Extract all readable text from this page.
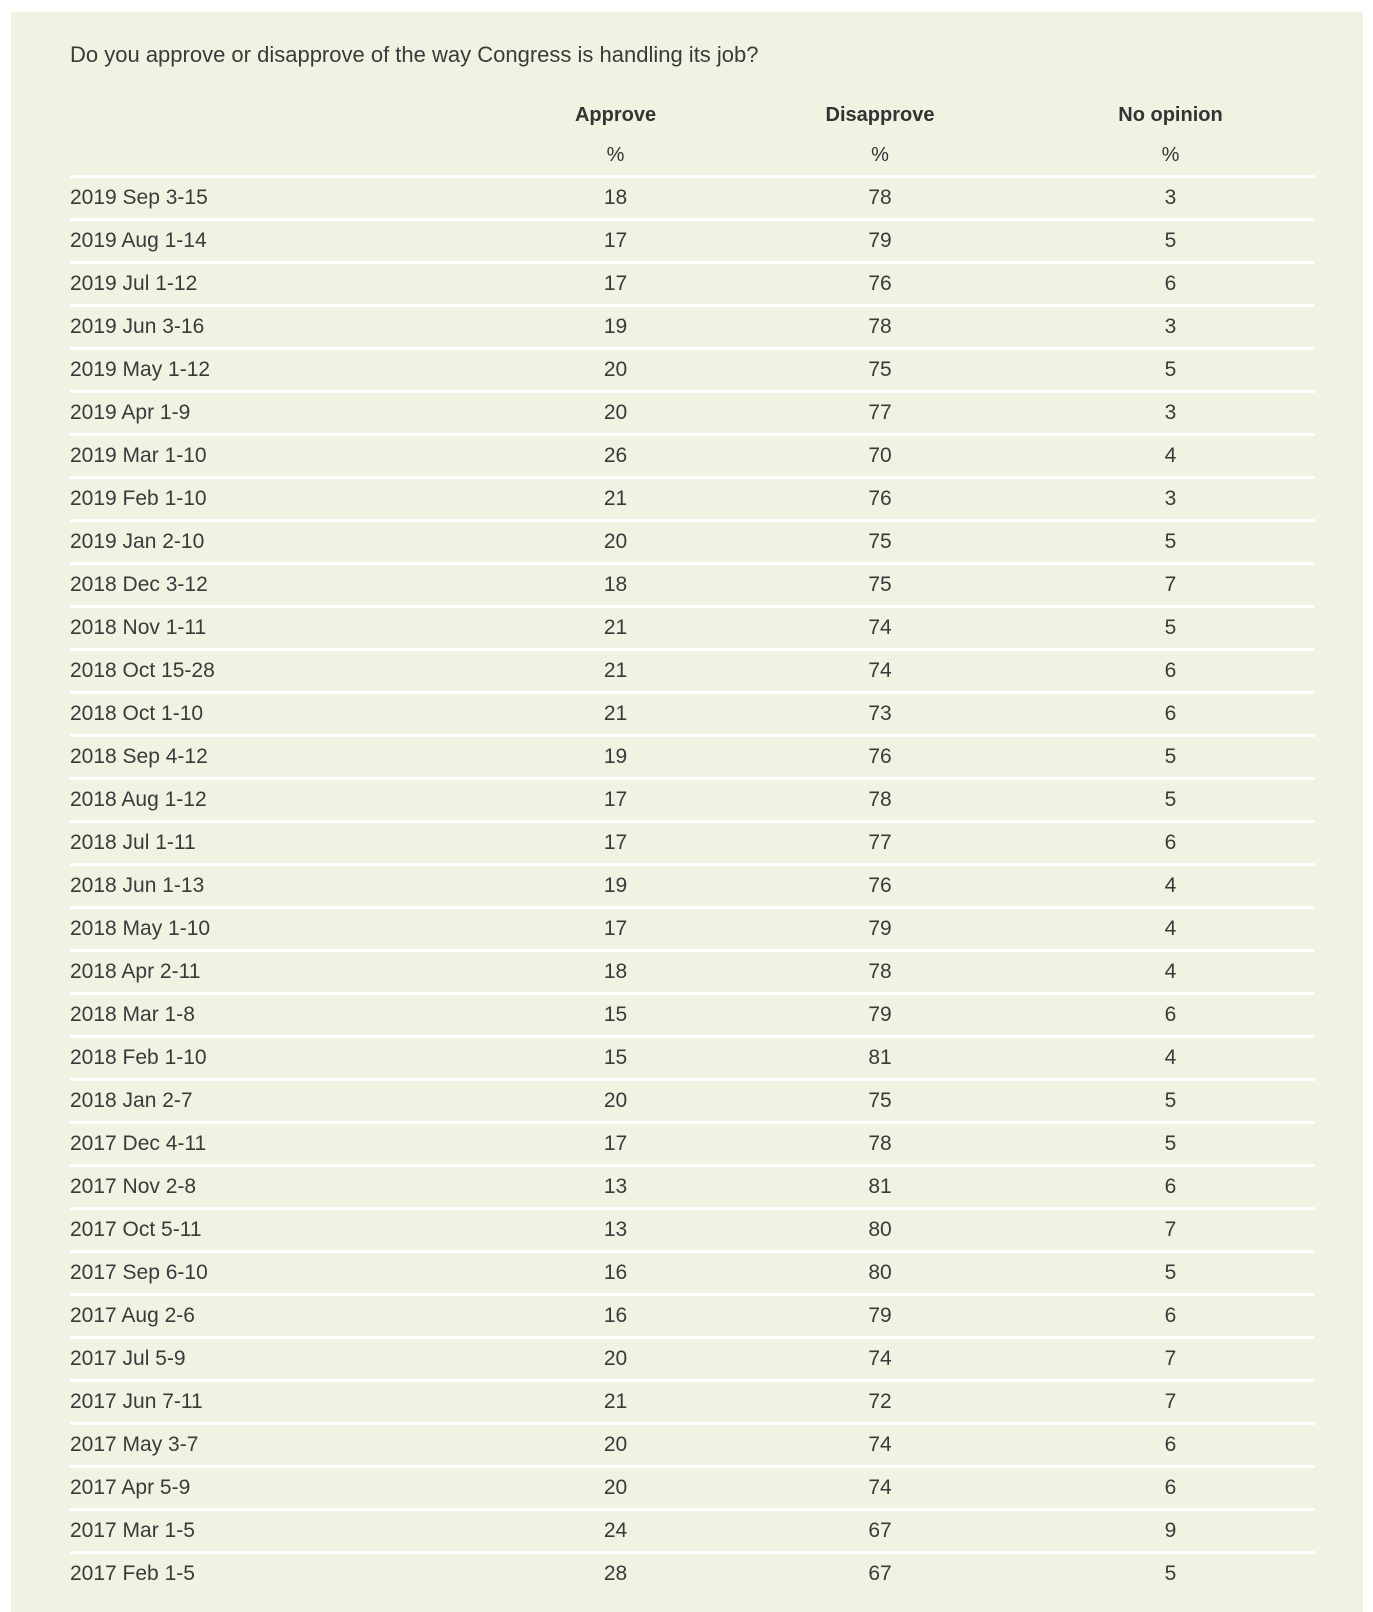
Do you approve or disapprove of the way Congress is handling its job?
Approve	Disapprove	No opinion
%	%	%
2019 Sep 3-15	18	78	3
2019 Aug 1-14	17	79	5
2019 Jul 1-12	17	76	6
2019 Jun 3-16	19	78	3
2019 May 1-12	20	75	5
2019 Apr 1-9	20	77	3
2019 Mar 1-10	26	70	4
2019 Feb 1-10	21	76	3
2019 Jan 2-10	20	75	5
2018 Dec 3-12	18	75	7
2018 Nov 1-11	21	74	5
2018 Oct 15-28	21	74	6
2018 Oct 1-10	21	73	6
2018 Sep 4-12	19	76	5
2018 Aug 1-12	17	78	5
2018 Jul 1-11	17	77	6
2018 Jun 1-13	19	76	4
2018 May 1-10	17	79	4
2018 Apr 2-11	18	78	4
2018 Mar 1-8	15	79	6
2018 Feb 1-10	15	81	4
2018 Jan 2-7	20	75	5
2017 Dec 4-11	17	78	5
2017 Nov 2-8	13	81	6
2017 Oct 5-11	13	80	7
2017 Sep 6-10	16	80	5
2017 Aug 2-6	16	79	6
2017 Jul 5-9	20	74	7
2017 Jun 7-11	21	72	7
2017 May 3-7	20	74	6
2017 Apr 5-9	20	74	6
2017 Mar 1-5	24	67	9
2017 Feb 1-5	28	67	5
